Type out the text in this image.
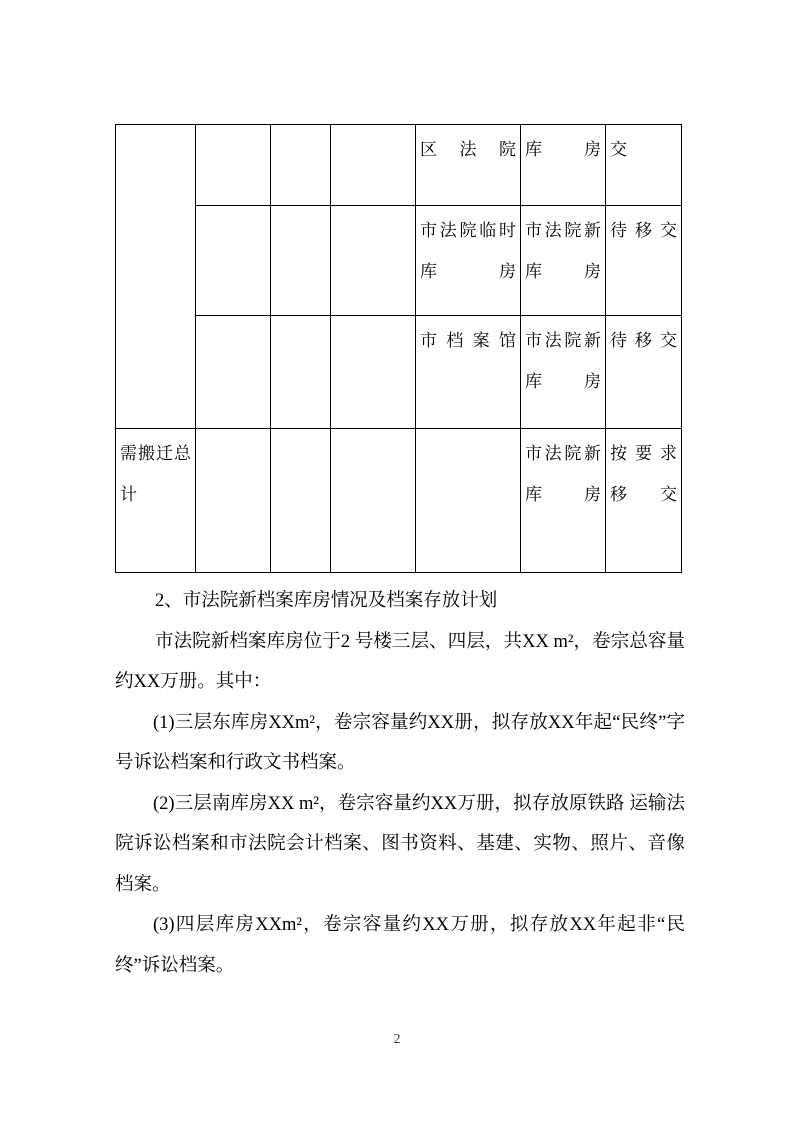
				区法院	库房	交

				市法院临时库房	市法院新库房	待移交

				市档案馆	市法院新库房	待移交

需搬迁总计					市法院新库房	按要求移交

2、市法院新档案库房情况及档案存放计划

市法院新档案库房位于2 号楼三层、四层，共XX m²，卷宗总容量约XX万册。其中：

(1)三层东库房XXm²，卷宗容量约XX册，拟存放XX年起“民终”字号诉讼档案和行政文书档案。

(2)三层南库房XX m²，卷宗容量约XX万册，拟存放原铁路 运输法院诉讼档案和市法院会计档案、图书资料、基建、实物、照片、音像档案。

(3)四层库房XXm²，卷宗容量约XX万册，拟存放XX年起非“民终”诉讼档案。

2
